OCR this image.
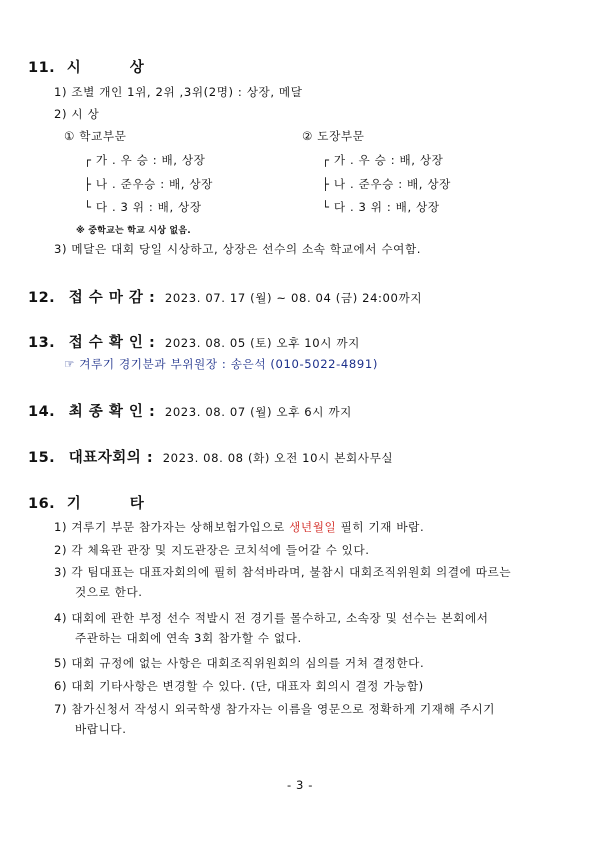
11. 시 상
1) 조별 개인 1위, 2위 ,3위(2명) : 상장, 메달
2) 시 상
① 학교부문
┌ 가 . 우 승 : 배, 상장
├ 나 . 준우승 : 배, 상장
└ 다 . 3 위 : 배, 상장
② 도장부문
┌ 가 . 우 승 : 배, 상장
├ 나 . 준우승 : 배, 상장
└ 다 . 3 위 : 배, 상장
※ 중학교는 학교 시상 없음.
3) 메달은 대회 당일 시상하고, 상장은 선수의 소속 학교에서 수여함.
12. 접 수 마 감 : 2023. 07. 17 (월) ~ 08. 04 (금) 24:00까지
13. 접 수 확 인 : 2023. 08. 05 (토) 오후 10시 까지
☞ 겨루기 경기분과 부위원장 : 송은석 (010-5022-4891)
14. 최 종 확 인 : 2023. 08. 07 (월) 오후 6시 까지
15. 대표자회의 : 2023. 08. 08 (화) 오전 10시 본회사무실
16. 기 타
1) 겨루기 부문 참가자는 상해보험가입으로 생년월일 필히 기재 바람.
2) 각 체육관 관장 및 지도관장은 코치석에 들어갈 수 있다.
3) 각 팀대표는 대표자회의에 필히 참석바라며, 불참시 대회조직위원회 의결에 따르는
것으로 한다.
4) 대회에 관한 부정 선수 적발시 전 경기를 몰수하고, 소속장 및 선수는 본회에서
주관하는 대회에 연속 3회 참가할 수 없다.
5) 대회 규정에 없는 사항은 대회조직위원회의 심의를 거쳐 결정한다.
6) 대회 기타사항은 변경할 수 있다. (단, 대표자 회의시 결정 가능함)
7) 참가신청서 작성시 외국학생 참가자는 이름을 영문으로 정확하게 기재해 주시기
바랍니다.
- 3 -
